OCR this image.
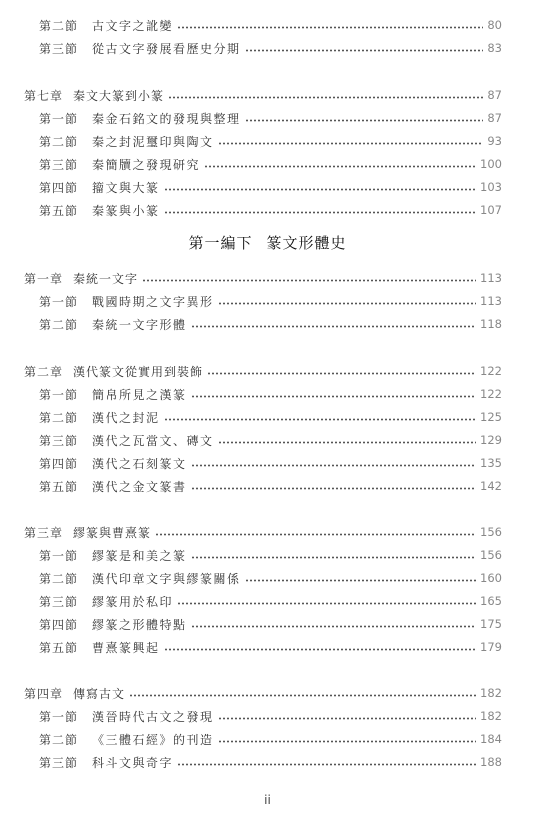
第二節 古文字之訛變	80
第三節 從古文字發展看歷史分期	83
第七章 秦文大篆到小篆	87
第一節 秦金石銘文的發現與整理	87
第二節 秦之封泥璽印與陶文	93
第三節 秦簡牘之發現研究	100
第四節 籀文與大篆	103
第五節 秦篆與小篆	107
第一章 秦統一文字	113
第一節 戰國時期之文字異形	113
第二節 秦統一文字形體	118
第二章 漢代篆文從實用到裝飾	122
第一節 簡帛所見之漢篆	122
第二節 漢代之封泥	125
第三節 漢代之瓦當文、磚文	129
第四節 漢代之石刻篆文	135
第五節 漢代之金文篆書	142
第三章 繆篆與曹熹篆	156
第一節 繆篆是和美之篆	156
第二節 漢代印章文字與繆篆關係	160
第三節 繆篆用於私印	165
第四節 繆篆之形體特點	175
第五節 曹熹篆興起	179
第四章 傳寫古文	182
第一節 漢晉時代古文之發現	182
第二節 《三體石經》的刊造	184
第三節 科斗文與奇字	188
第一編下 篆文形體史
ii
